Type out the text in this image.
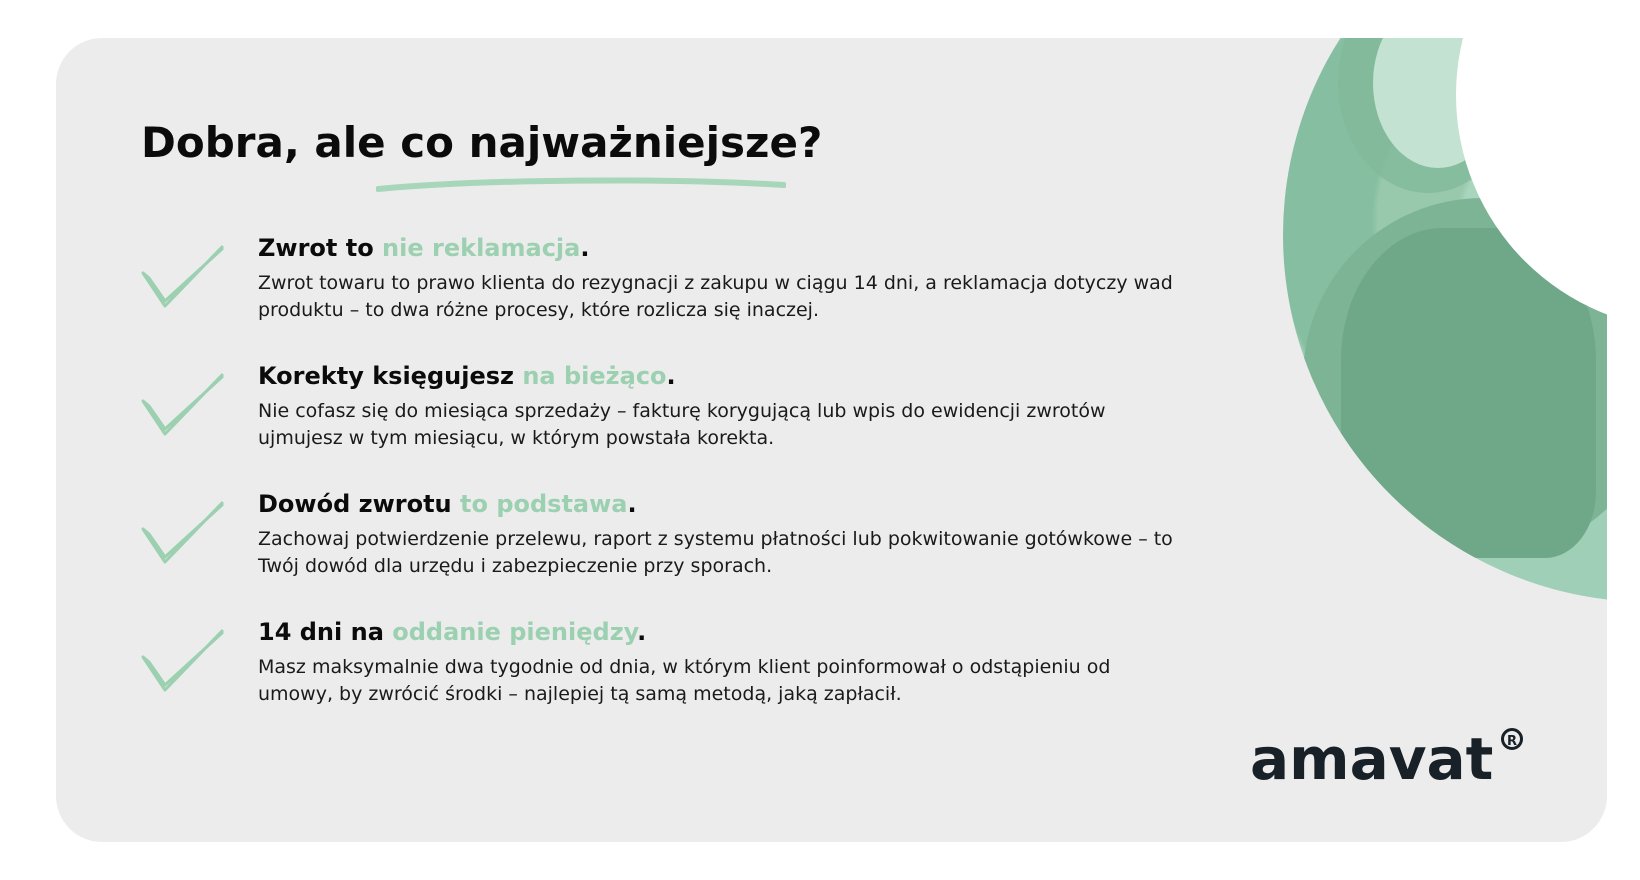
Dobra, ale co najważniejsze?
Zwrot to nie reklamacja.

Zwrot towaru to prawo klienta do rezygnacji z zakupu w ciągu 14 dni, a reklamacja dotyczy wad produktu – to dwa różne procesy, które rozlicza się inaczej.

Korekty księgujesz na bieżąco.

Nie cofasz się do miesiąca sprzedaży – fakturę korygującą lub wpis do ewidencji zwrotów ujmujesz w tym miesiącu, w którym powstała korekta.

Dowód zwrotu to podstawa.

Zachowaj potwierdzenie przelewu, raport z systemu płatności lub pokwitowanie gotówkowe – to Twój dowód dla urzędu i zabezpieczenie przy sporach.

14 dni na oddanie pieniędzy.

Masz maksymalnie dwa tygodnie od dnia, w którym klient poinformował o odstąpieniu od umowy, by zwrócić środki – najlepiej tą samą metodą, jaką zapłacił.

amavat	R
